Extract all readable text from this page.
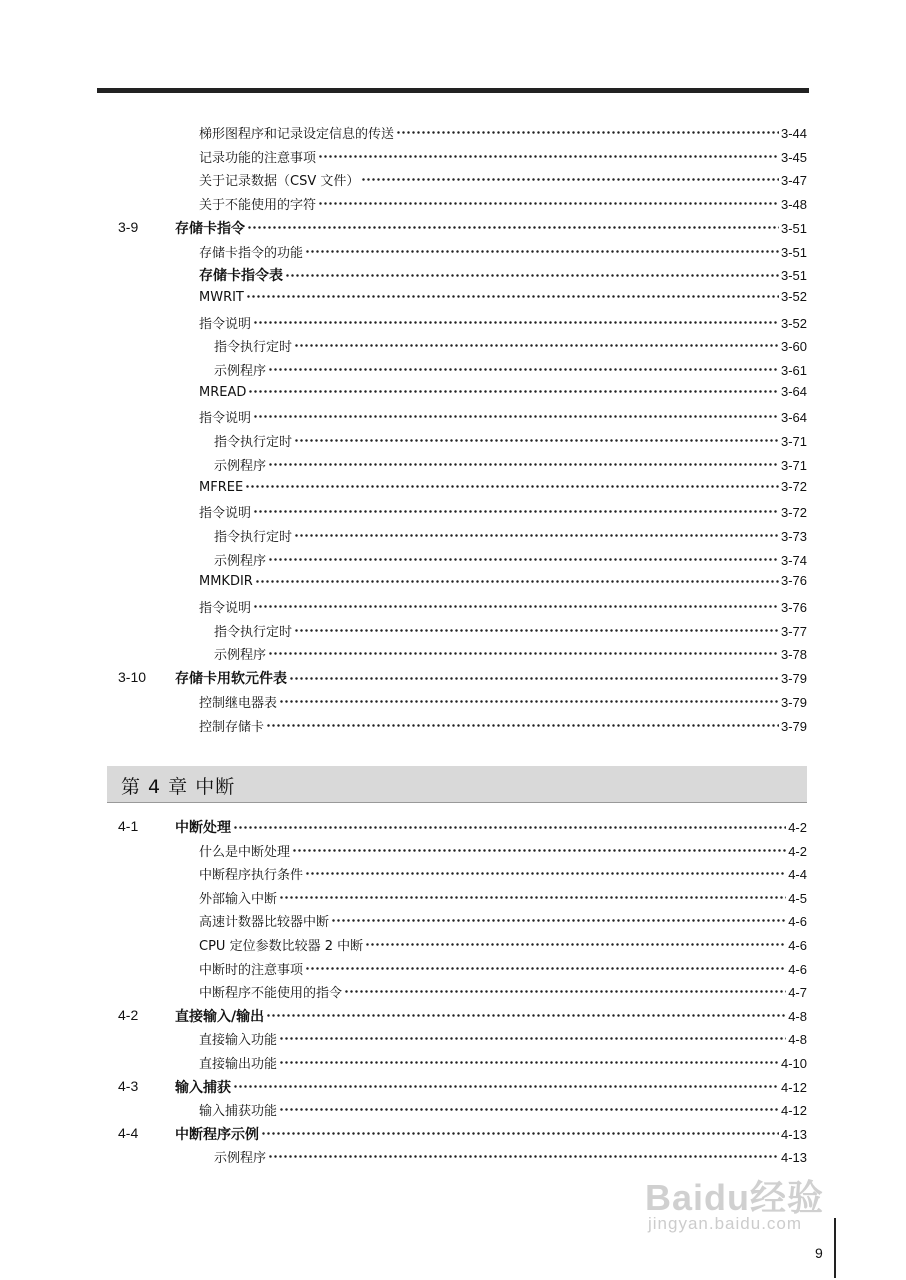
梯形图程序和记录设定信息的传送	3-44
记录功能的注意事项	3-45
关于记录数据（CSV 文件）	3-47
关于不能使用的字符	3-48
3-9	存储卡指令	3-51
存储卡指令的功能	3-51
存储卡指令表	3-51
MWRIT	3-52
指令说明	3-52
指令执行定时	3-60
示例程序	3-61
MREAD	3-64
指令说明	3-64
指令执行定时	3-71
示例程序	3-71
MFREE	3-72
指令说明	3-72
指令执行定时	3-73
示例程序	3-74
MMKDIR	3-76
指令说明	3-76
指令执行定时	3-77
示例程序	3-78
3-10 存储卡用软元件表	3-79
控制继电器表	3-79
控制存储卡	3-79
第 4 章 中断
4-1	中断处理	4-2
什么是中断处理	4-2
中断程序执行条件	4-4
外部输入中断	4-5
高速计数器比较器中断	4-6
CPU 定位参数比较器 2 中断	4-6
中断时的注意事项	4-6
中断程序不能使用的指令	4-7
4-2	直接输入/输出	4-8
直接输入功能	4-8
直接输出功能	4-10
4-3	输入捕获	4-12
输入捕获功能	4-12
4-4	中断程序示例	4-13
示例程序	4-13
Baidu经验
jingyan.baidu.com
9
